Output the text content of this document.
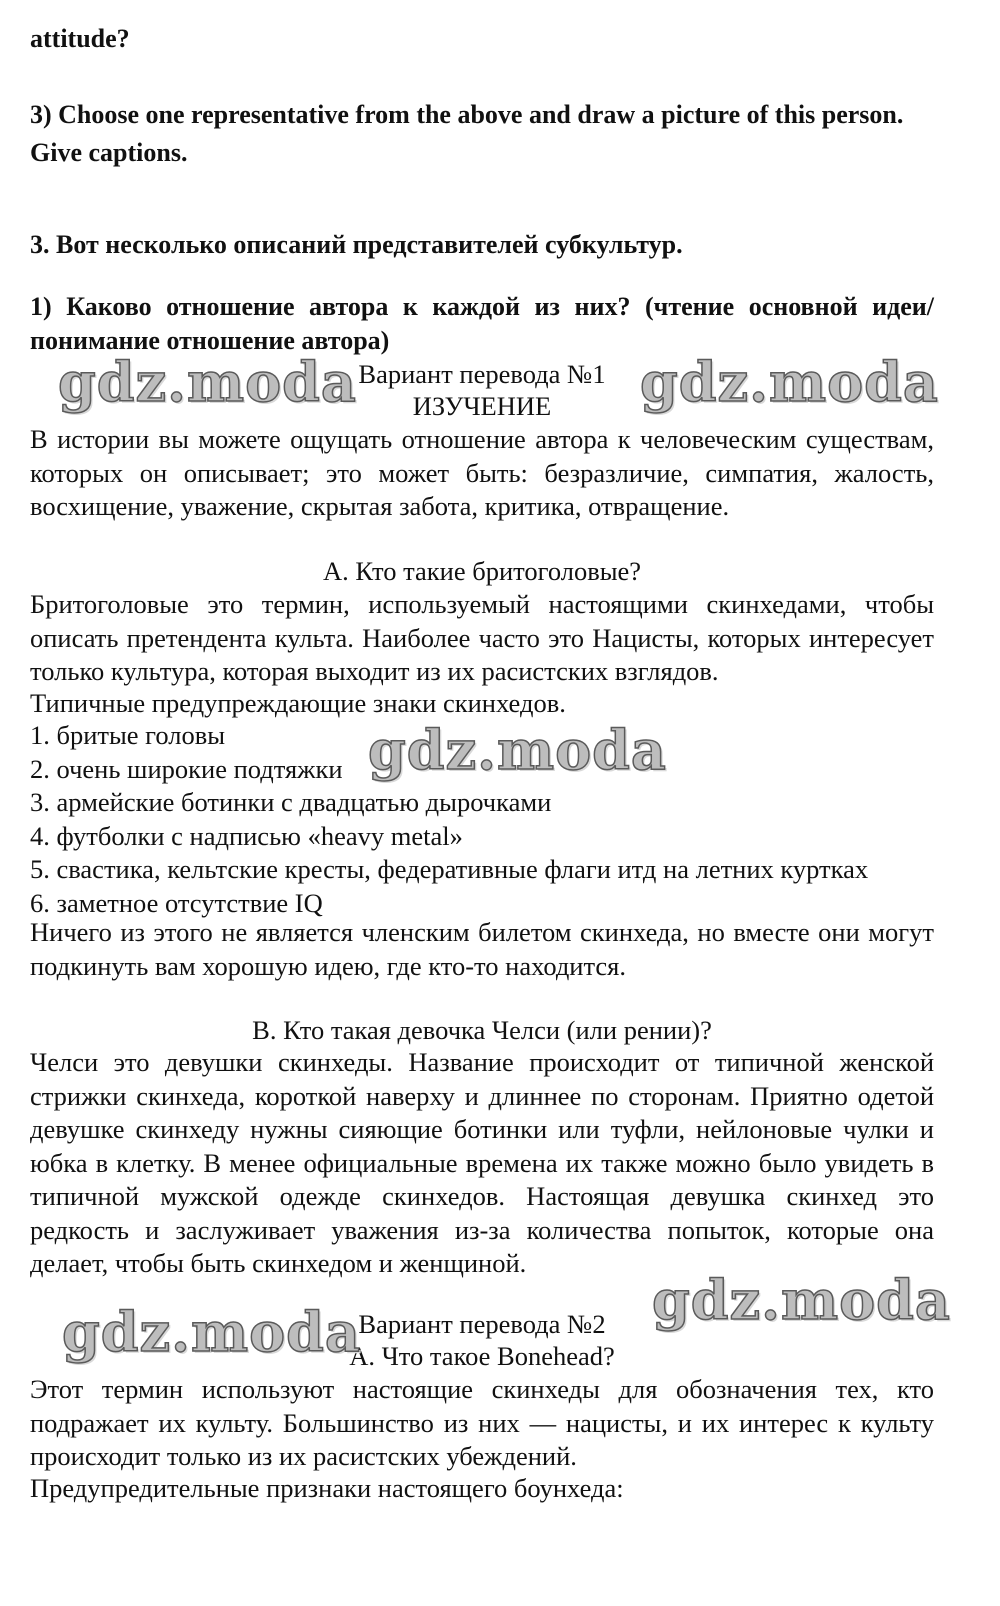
attitude?
3) Choose one representative from the above and draw a picture of this person. Give captions.
3. Вот несколько описаний представителей субкультур.
1) Каково отношение автора к каждой из них? (чтение основной идеи/понимание отношение автора)
Вариант перевода №1
ИЗУЧЕНИЕ
В истории вы можете ощущать отношение автора к человеческим существам, которых он описывает; это может быть: безразличие, симпатия, жалость, восхищение, уважение, скрытая забота, критика, отвращение.
А. Кто такие бритоголовые?
Бритоголовые это термин, используемый настоящими скинхедами, чтобы описать претендента культа. Наиболее часто это Нацисты, которых интересует только культура, которая выходит из их расистских взглядов.
Типичные предупреждающие знаки скинхедов.
1. бритые головы
2. очень широкие подтяжки
3. армейские ботинки с двадцатью дырочками
4. футболки с надписью «heavy metal»
5. свастика, кельтские кресты, федеративные флаги итд на летних куртках
6. заметное отсутствие IQ
Ничего из этого не является членским билетом скинхеда, но вместе они могут подкинуть вам хорошую идею, где кто-то находится.
В. Кто такая девочка Челси (или рении)?
Челси это девушки скинхеды. Название происходит от типичной женской стрижки скинхеда, короткой наверху и длиннее по сторонам. Приятно одетой девушке скинхеду нужны сияющие ботинки или туфли, нейлоновые чулки и юбка в клетку. В менее официальные времена их также можно было увидеть в типичной мужской одежде скинхедов. Настоящая девушка скинхед это редкость и заслуживает уважения из-за количества попыток, которые она делает, чтобы быть скинхедом и женщиной.
Вариант перевода №2
А. Что такое Bonehead?
Этот термин используют настоящие скинхеды для обозначения тех, кто подражает их культу. Большинство из них — нацисты, и их интерес к культу происходит только из их расистских убеждений.
Предупредительные признаки настоящего боунхеда:
gdz.moda	gdz.moda
gdz.moda
gdz.moda
gdz.moda
